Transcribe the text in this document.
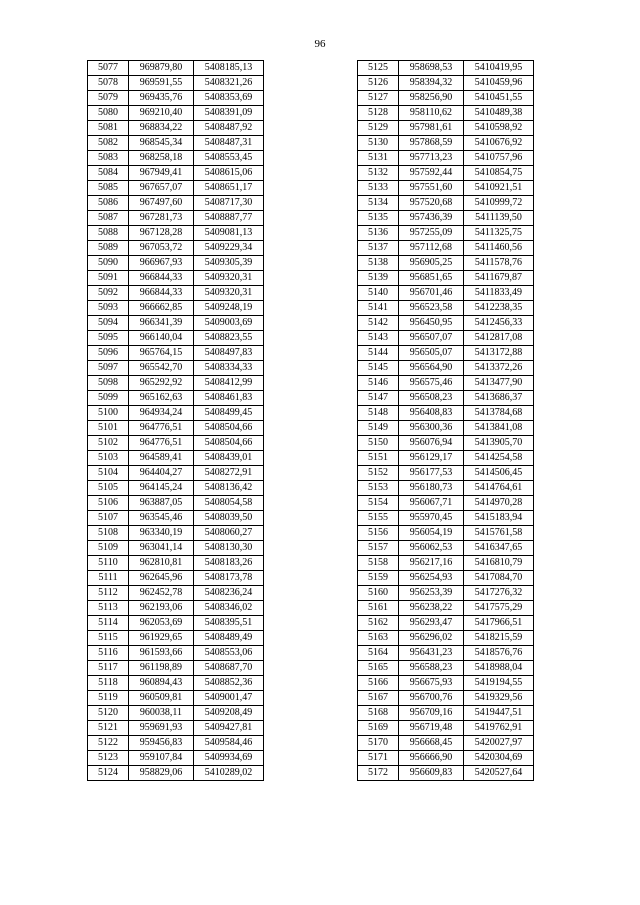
96
5077	969879,80	5408185,13
5078	969591,55	5408321,26
5079	969435,76	5408353,69
5080	969210,40	5408391,09
5081	968834,22	5408487,92
5082	968545,34	5408487,31
5083	968258,18	5408553,45
5084	967949,41	5408615,06
5085	967657,07	5408651,17
5086	967497,60	5408717,30
5087	967281,73	5408887,77
5088	967128,28	5409081,13
5089	967053,72	5409229,34
5090	966967,93	5409305,39
5091	966844,33	5409320,31
5092	966844,33	5409320,31
5093	966662,85	5409248,19
5094	966341,39	5409003,69
5095	966140,04	5408823,55
5096	965764,15	5408497,83
5097	965542,70	5408334,33
5098	965292,92	5408412,99
5099	965162,63	5408461,83
5100	964934,24	5408499,45
5101	964776,51	5408504,66
5102	964776,51	5408504,66
5103	964589,41	5408439,01
5104	964404,27	5408272,91
5105	964145,24	5408136,42
5106	963887,05	5408054,58
5107	963545,46	5408039,50
5108	963340,19	5408060,27
5109	963041,14	5408130,30
5110	962810,81	5408183,26
5111	962645,96	5408173,78
5112	962452,78	5408236,24
5113	962193,06	5408346,02
5114	962053,69	5408395,51
5115	961929,65	5408489,49
5116	961593,66	5408553,06
5117	961198,89	5408687,70
5118	960894,43	5408852,36
5119	960509,81	5409001,47
5120	960038,11	5409208,49
5121	959691,93	5409427,81
5122	959456,83	5409584,46
5123	959107,84	5409934,69
5124	958829,06	5410289,02
5125	958698,53	5410419,95
5126	958394,32	5410459,96
5127	958256,90	5410451,55
5128	958110,62	5410489,38
5129	957981,61	5410598,92
5130	957868,59	5410676,92
5131	957713,23	5410757,96
5132	957592,44	5410854,75
5133	957551,60	5410921,51
5134	957520,68	5410999,72
5135	957436,39	5411139,50
5136	957255,09	5411325,75
5137	957112,68	5411460,56
5138	956905,25	5411578,76
5139	956851,65	5411679,87
5140	956701,46	5411833,49
5141	956523,58	5412238,35
5142	956450,95	5412456,33
5143	956507,07	5412817,08
5144	956505,07	5413172,88
5145	956564,90	5413372,26
5146	956575,46	5413477,90
5147	956508,23	5413686,37
5148	956408,83	5413784,68
5149	956300,36	5413841,08
5150	956076,94	5413905,70
5151	956129,17	5414254,58
5152	956177,53	5414506,45
5153	956180,73	5414764,61
5154	956067,71	5414970,28
5155	955970,45	5415183,94
5156	956054,19	5415761,58
5157	956062,53	5416347,65
5158	956217,16	5416810,79
5159	956254,93	5417084,70
5160	956253,39	5417276,32
5161	956238,22	5417575,29
5162	956293,47	5417966,51
5163	956296,02	5418215,59
5164	956431,23	5418576,76
5165	956588,23	5418988,04
5166	956675,93	5419194,55
5167	956700,76	5419329,56
5168	956709,16	5419447,51
5169	956719,48	5419762,91
5170	956668,45	5420027,97
5171	956666,90	5420304,69
5172	956609,83	5420527,64
